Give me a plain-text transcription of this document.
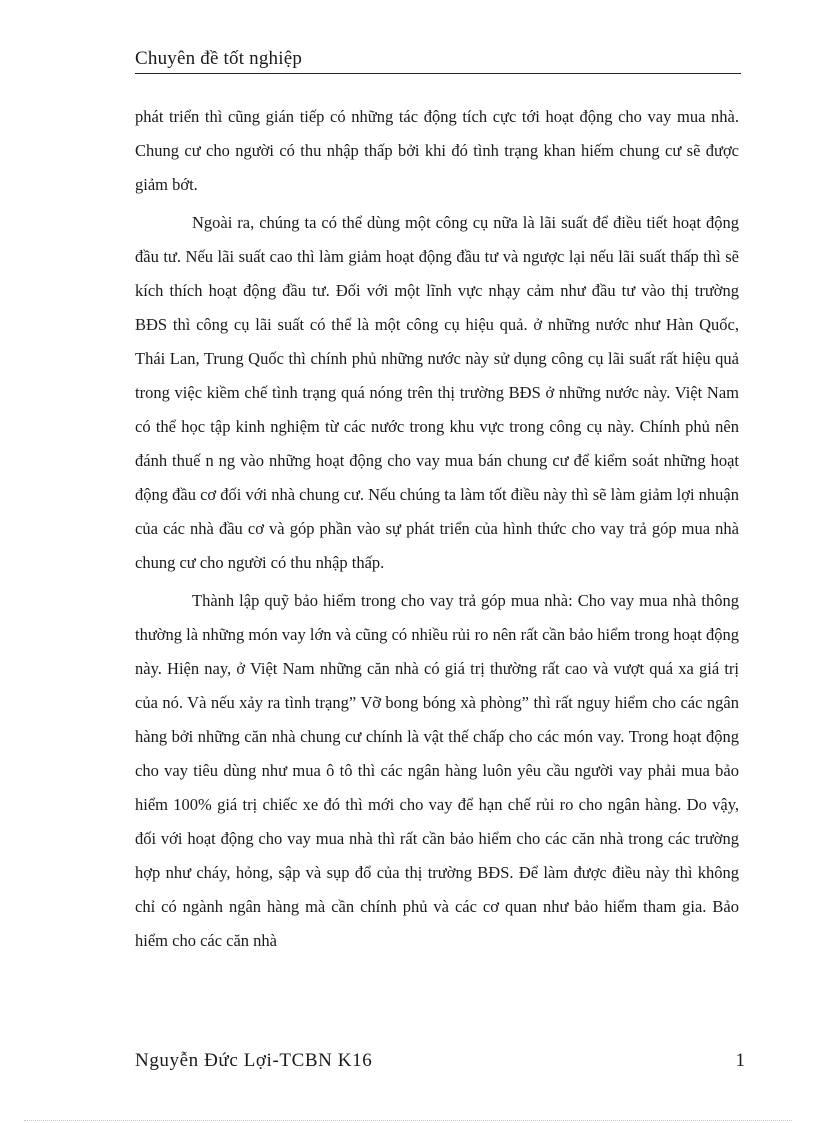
Chuyên đề tốt nghiệp

phát triển thì cũng gián tiếp có những tác động tích cực tới hoạt động cho vay mua nhà. Chung cư cho người có thu nhập thấp bởi khi đó tình trạng khan hiếm chung cư sẽ được giảm bớt.

Ngoài ra, chúng ta có thể dùng một công cụ nữa là lãi suất để điều tiết hoạt động đầu tư. Nếu lãi suất cao thì làm giảm hoạt động đầu tư và ngược lại nếu lãi suất thấp thì sẽ kích thích hoạt động đầu tư. Đối với một lĩnh vực nhạy cảm như đầu tư vào thị trường BĐS thì công cụ lãi suất có thể là một công cụ hiệu quả. ở những nước như Hàn Quốc, Thái Lan, Trung Quốc thì chính phủ những nước này sử dụng công cụ lãi suất rất hiệu quả trong việc kiềm chế tình trạng quá nóng trên thị trường BĐS ở những nước này. Việt Nam có thể học tập kinh nghiệm từ các nước trong khu vực trong công cụ này. Chính phủ nên đánh thuế n ng vào những hoạt động cho vay mua bán chung cư để kiểm soát những hoạt động đầu cơ đối với nhà chung cư. Nếu chúng ta làm tốt điều này thì sẽ làm giảm lợi nhuận của các nhà đầu cơ và góp phần vào sự phát triển của hình thức cho vay trả góp mua nhà chung cư cho người có thu nhập thấp.

Thành lập quỹ bảo hiểm trong cho vay trả góp mua nhà: Cho vay mua nhà thông thường là những món vay lớn và cũng có nhiều rủi ro nên rất cần bảo hiểm trong hoạt động này. Hiện nay, ở Việt Nam những căn nhà có giá trị thường rất cao và vượt quá xa giá trị của nó. Và nếu xảy ra tình trạng” Vỡ bong bóng xà phòng” thì rất nguy hiểm cho các ngân hàng bởi những căn nhà chung cư chính là vật thế chấp cho các món vay. Trong hoạt động cho vay tiêu dùng như mua ô tô thì các ngân hàng luôn yêu cầu người vay phải mua bảo hiểm 100% giá trị chiếc xe đó thì mới cho vay để hạn chế rủi ro cho ngân hàng. Do vậy, đối với hoạt động cho vay mua nhà thì rất cần bảo hiểm cho các căn nhà trong các trường hợp như cháy, hỏng, sập và sụp đổ của thị trường BĐS. Để làm được điều này thì không chỉ có ngành ngân hàng mà cần chính phủ và các cơ quan như bảo hiểm tham gia. Bảo hiểm cho các căn nhà

Nguyễn Đức Lợi-TCBN K16	1
